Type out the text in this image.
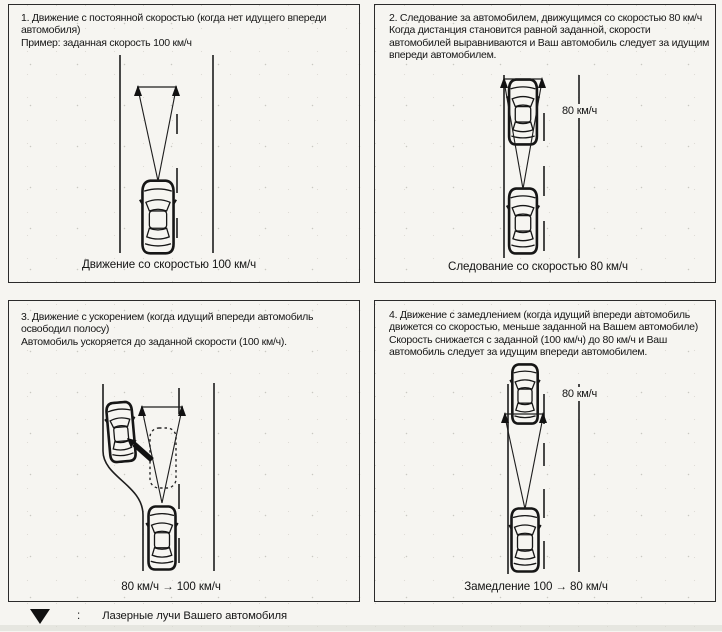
1. Движение с постоянной скоростью (когда нет идущего впереди автомобиля)
Пример: заданная скорость 100 км/ч
Движение со скоростью 100 км/ч
2. Следование за автомобилем, движущимся со скоростью 80 км/ч
Когда дистанция становится равной заданной, скорости автомобилей выравниваются и Ваш автомобиль следует за идущим впереди автомобилем.
80 км/ч
Следование со скоростью 80 км/ч
3. Движение с ускорением (когда идущий впереди автомобиль освободил полосу)
Автомобиль ускоряется до заданной скорости (100 км/ч).
80 км/ч → 100 км/ч
4. Движение с замедлением (когда идущий впереди автомобиль движется со скоростью, меньше заданной на Вашем автомобиле)
Скорость снижается с заданной (100 км/ч) до 80 км/ч и Ваш автомобиль следует за идущим впереди автомобилем.
80 км/ч
Замедление 100 → 80 км/ч
: Лазерные лучи Вашего автомобиля
